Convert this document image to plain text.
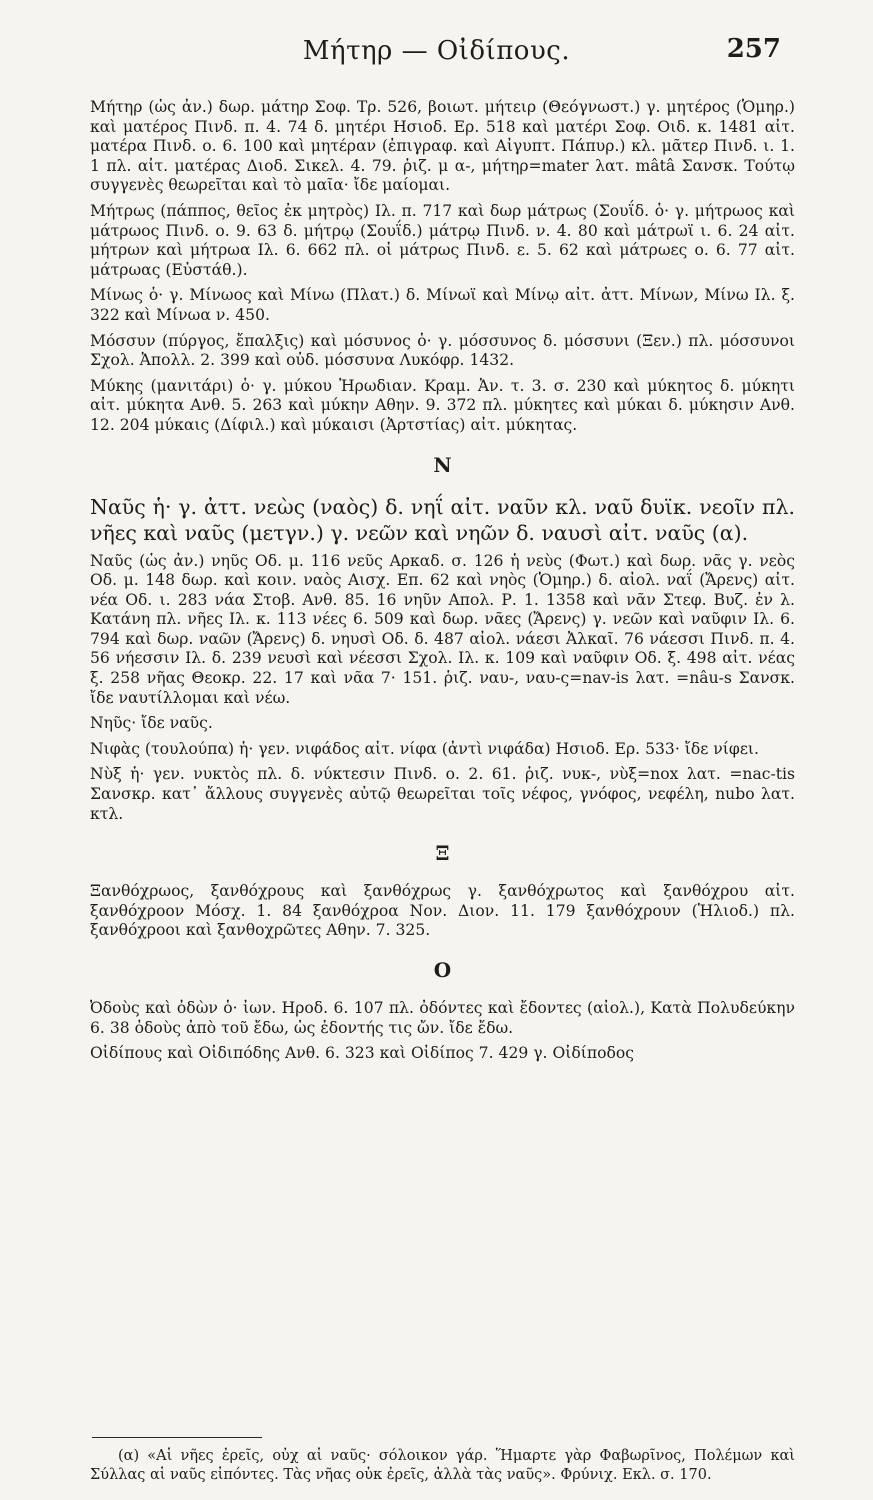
Μήτηρ — Οἰδίπους.	257

Μήτηρ (ὡς ἀν.) δωρ. μάτηρ Σοφ. Τρ. 526, βοιωτ. μήτειρ (Θεόγνωστ.) γ. μητέρος (Ὁμηρ.) καὶ ματέρος Πινδ. π. 4. 74 δ. μητέρι Ησιοδ. Ερ. 518 καὶ ματέρι Σοφ. Οιδ. κ. 1481 αἰτ. ματέρα Πινδ. ο. 6. 100 καὶ μητέραν (ἐπιγραφ. καὶ Αἰγυπτ. Πάπυρ.) κλ. μᾶτερ Πινδ. ι. 1. 1 πλ. αἰτ. ματέρας Διοδ. Σικελ. 4. 79. ῥιζ. μ α-, μήτηρ=mater λατ. mâtâ Σανσκ. Τούτῳ συγγενὲς θεωρεῖται καὶ τὸ μαῖα· ἴδε μαίομαι.

Μήτρως (πάππος, θεῖος ἐκ μητρὸς) Ιλ. π. 717 καὶ δωρ μάτρως (Σουΐδ. ὁ· γ. μήτρωος καὶ μάτρωος Πινδ. ο. 9. 63 δ. μήτρῳ (Σουΐδ.) μάτρῳ Πινδ. ν. 4. 80 καὶ μάτρωϊ ι. 6. 24 αἰτ. μήτρων καὶ μήτρωα Ιλ. 6. 662 πλ. οἱ μάτρως Πινδ. ε. 5. 62 καὶ μάτρωες ο. 6. 77 αἰτ. μάτρωας (Εὐστάθ.).

Μίνως ὁ· γ. Μίνωος καὶ Μίνω (Πλατ.) δ. Μίνωϊ καὶ Μίνῳ αἰτ. ἀττ. Μίνων, Μίνω Ιλ. ξ. 322 καὶ Μίνωα ν. 450.

Μόσσυν (πύργος, ἔπαλξις) καὶ μόσυνος ὁ· γ. μόσσυνος δ. μόσσυνι (Ξεν.) πλ. μόσσυνοι Σχολ. Ἀπολλ. 2. 399 καὶ οὐδ. μόσσυνα Λυκόφρ. 1432.

Μύκης (μανιτάρι) ὁ· γ. μύκου Ἡρωδιαν. Κραμ. Ἀν. τ. 3. σ. 230 καὶ μύκητος δ. μύκητι αἰτ. μύκητα Ανθ. 5. 263 καὶ μύκην Αθην. 9. 372 πλ. μύκητες καὶ μύκαι δ. μύκησιν Ανθ. 12. 204 μύκαις (Δίφιλ.) καὶ μύκαισι (Ἀρτστίας) αἰτ. μύκητας.

Ν

Ναῦς ἡ· γ. ἀττ. νεὼς (ναὸς) δ. νηΐ αἰτ. ναῦν κλ. ναῦ δυϊκ. νεοῖν πλ. νῆες καὶ ναῦς (μετγν.) γ. νεῶν καὶ νηῶν δ. ναυσὶ αἰτ. ναῦς (α).

Ναῦς (ὡς ἀν.) νηῦς Οδ. μ. 116 νεῦς Αρκαδ. σ. 126 ἡ νεὺς (Φωτ.) καὶ δωρ. νᾶς γ. νεὸς Οδ. μ. 148 δωρ. καὶ κοιν. ναὸς Αισχ. Επ. 62 καὶ νηὸς (Ὁμηρ.) δ. αἰολ. ναΐ (Ἄρενς) αἰτ. νέα Οδ. ι. 283 νάα Στοβ. Ανθ. 85. 16 νηῦν Απολ. Ρ. 1. 1358 καὶ νᾶν Στεφ. Βυζ. ἐν λ. Κατάνη πλ. νῆες Ιλ. κ. 113 νέες 6. 509 καὶ δωρ. νᾶες (Ἄρενς) γ. νεῶν καὶ ναῦφιν Ιλ. 6. 794 καὶ δωρ. ναῶν (Ἄρενς) δ. νηυσὶ Οδ. δ. 487 αἰολ. νάεσι Ἀλκαῖ. 76 νάεσσι Πινδ. π. 4. 56 νήεσσιν Ιλ. δ. 239 νευσὶ καὶ νέεσσι Σχολ. Ιλ. κ. 109 καὶ ναῦφιν Οδ. ξ. 498 αἰτ. νέας ξ. 258 νῆας Θεοκρ. 22. 17 καὶ νᾶα 7· 151. ῥιζ. ναυ-, ναυ-ς=nav-is λατ. =nâu-s Σανσκ. ἴδε ναυτίλλομαι καὶ νέω.

Νηῦς· ἴδε ναῦς.

Νιφὰς (τουλούπα) ἡ· γεν. νιφάδος αἰτ. νίφα (ἀντὶ νιφάδα) Ησιοδ. Ερ. 533· ἴδε νίφει.

Νὺξ ἡ· γεν. νυκτὸς πλ. δ. νύκτεσιν Πινδ. ο. 2. 61. ῥιζ. νυκ-, νὺξ=nox λατ. =nac-tis Σανσκρ. κατ᾽ ἄλλους συγγενὲς αὐτῷ θεωρεῖται τοῖς νέφος, γνόφος, νεφέλη, nubo λατ. κτλ.

Ξ

Ξανθόχρωος, ξανθόχρους καὶ ξανθόχρως γ. ξανθόχρωτος καὶ ξανθόχρου αἰτ. ξανθόχροον Μόσχ. 1. 84 ξανθόχροα Νον. Διον. 11. 179 ξανθόχρουν (Ἡλιοδ.) πλ. ξανθόχροοι καὶ ξανθοχρῶτες Αθην. 7. 325.

Ο

Ὀδοὺς καὶ ὀδὼν ὁ· ἰων. Ηροδ. 6. 107 πλ. ὀδόντες καὶ ἔδοντες (αἰολ.), Κατὰ Πολυδεύκην 6. 38 ὀδοὺς ἀπὸ τοῦ ἔδω, ὡς ἐδοντής τις ὤν. ἴδε ἔδω.

Οἰδίπους καὶ Οἰδιπόδης Ανθ. 6. 323 καὶ Οἰδίπος 7. 429 γ. Οἰδίποδος

(α) «Αἱ νῆες ἐρεῖς, οὐχ αἱ ναῦς· σόλοικον γάρ. Ἥμαρτε γὰρ Φαβωρῖνος, Πολέμων καὶ Σύλλας αἱ ναῦς εἰπόντες. Τὰς νῆας οὐκ ἐρεῖς, ἀλλὰ τὰς ναῦς». Φρύνιχ. Εκλ. σ. 170.
